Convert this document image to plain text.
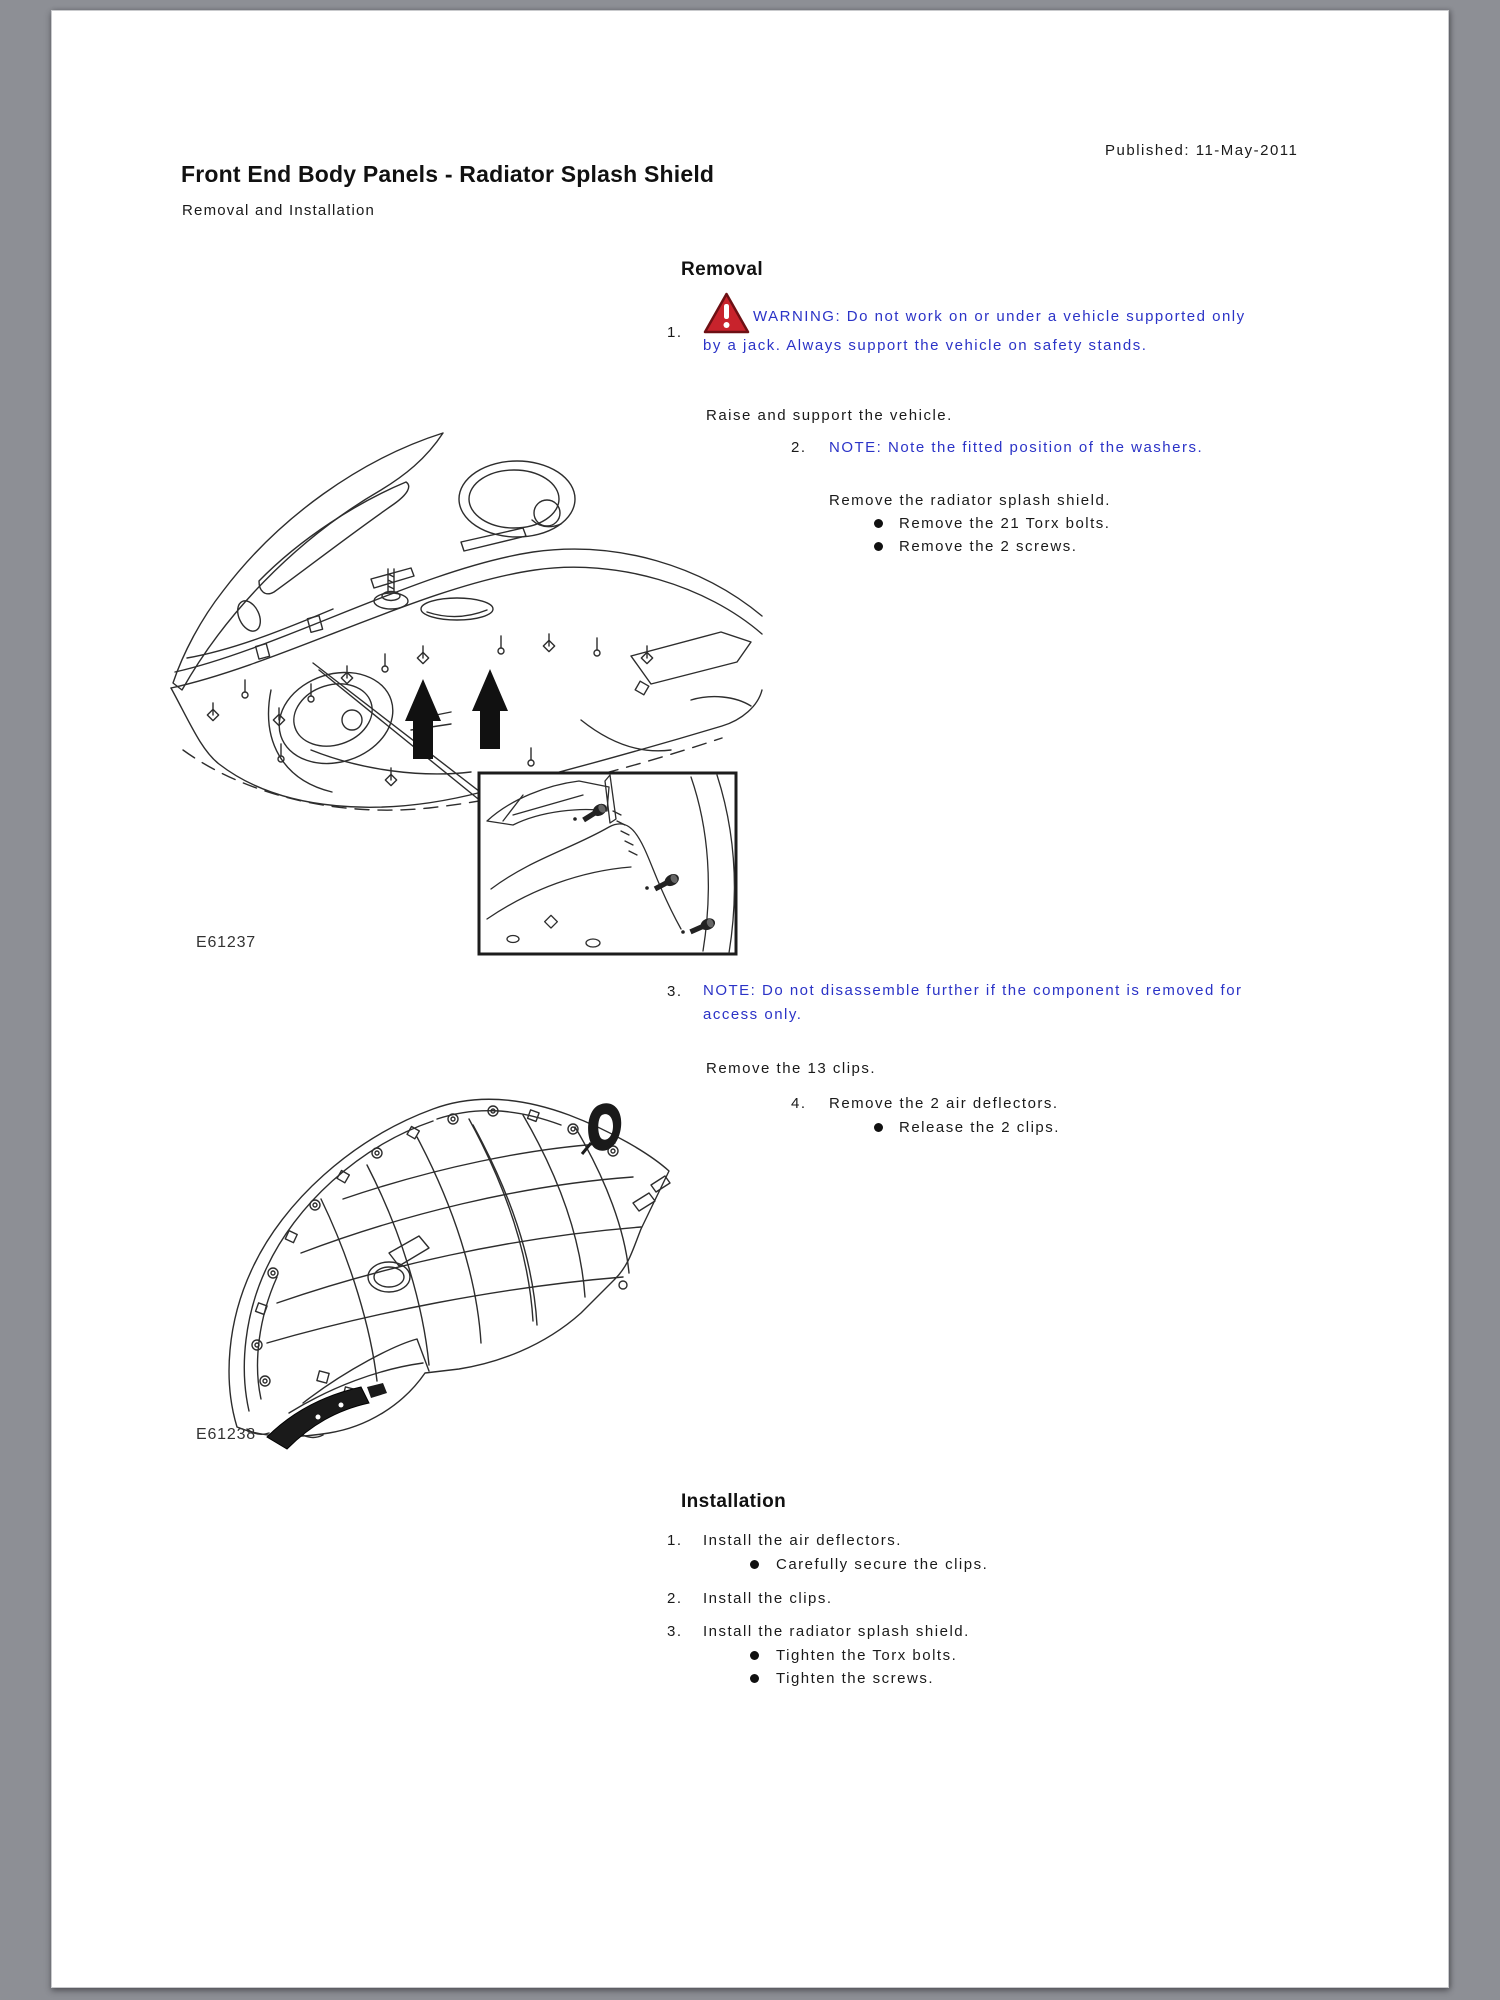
Published: 11-May-2011
Front End Body Panels - Radiator Splash Shield
Removal and Installation
Removal
1.
WARNING: Do not work on or under a vehicle supported only by a jack. Always support the vehicle on safety stands.
Raise and support the vehicle.
2. NOTE: Note the fitted position of the washers.
Remove the radiator splash shield.
Remove the 21 Torx bolts.
Remove the 2 screws.
E61237
3. NOTE: Do not disassemble further if the component is removed for access only.
Remove the 13 clips.
4. Remove the 2 air deflectors.
Release the 2 clips.
E61238
Installation
1. Install the air deflectors.
Carefully secure the clips.
2. Install the clips.
3. Install the radiator splash shield.
Tighten the Torx bolts.
Tighten the screws.
